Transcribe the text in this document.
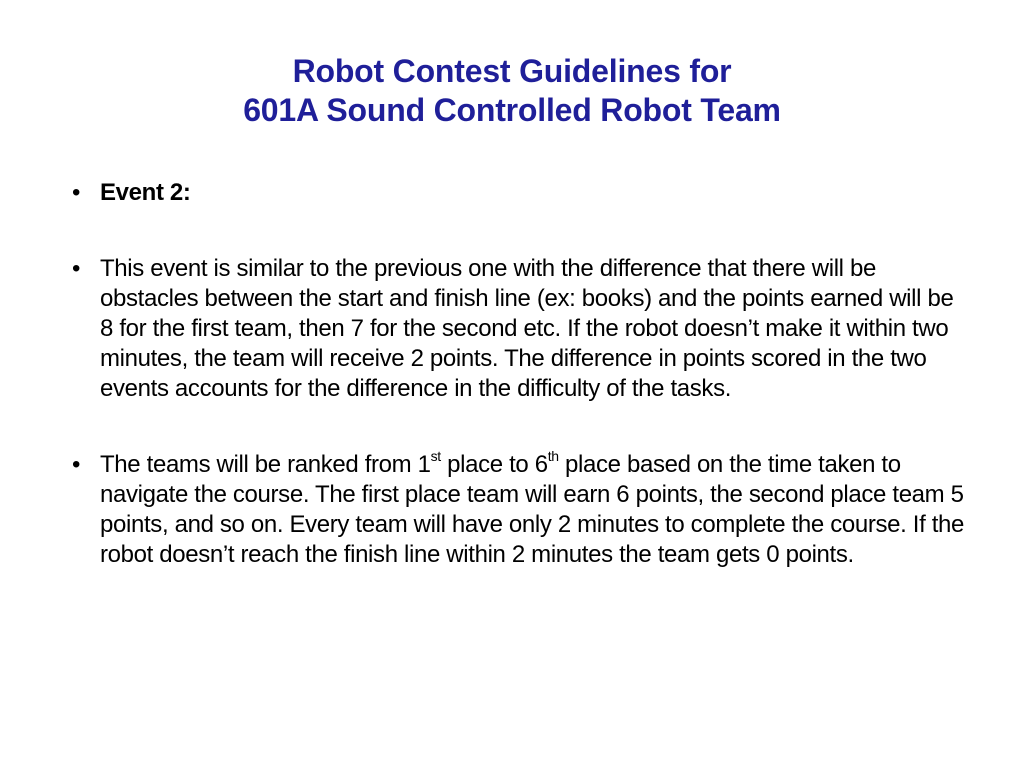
Robot Contest Guidelines for
601A Sound Controlled Robot Team
• Event 2:
• This event is similar to the previous one with the difference that there will be obstacles between the start and finish line (ex: books) and the points earned will be 8 for the first team, then 7 for the second etc. If the robot doesn’t make it within two minutes, the team will receive 2 points. The difference in points scored in the two events accounts for the difference in the difficulty of the tasks.
• The teams will be ranked from 1st place to 6th place based on the time taken to navigate the course. The first place team will earn 6 points, the second place team 5 points, and so on. Every team will have only 2 minutes to complete the course. If the robot doesn’t reach the finish line within 2 minutes the team gets 0 points.
